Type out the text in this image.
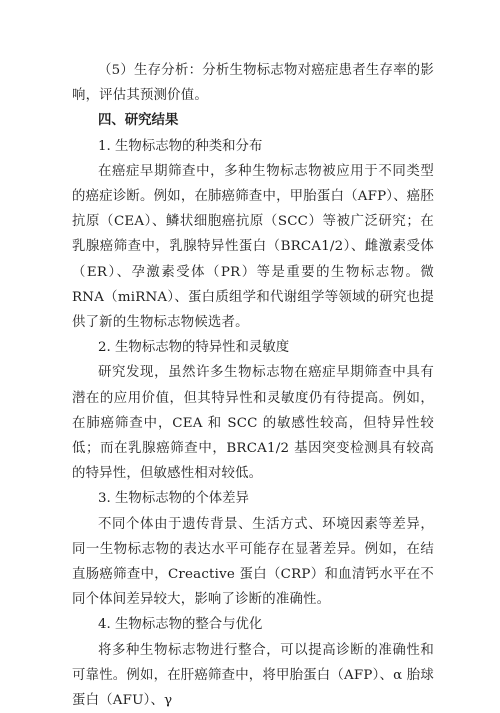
（5）生存分析：分析生物标志物对癌症患者生存率的影响，评估其预测价值。

四、研究结果

1. 生物标志物的种类和分布

在癌症早期筛查中，多种生物标志物被应用于不同类型的癌症诊断。例如，在肺癌筛查中，甲胎蛋白（AFP）、癌胚抗原（CEA）、鳞状细胞癌抗原（SCC）等被广泛研究；在乳腺癌筛查中，乳腺特异性蛋白（BRCA1/2）、雌激素受体（ER）、孕激素受体（PR）等是重要的生物标志物。微 RNA（miRNA）、蛋白质组学和代谢组学等领域的研究也提供了新的生物标志物候选者。

2. 生物标志物的特异性和灵敏度

研究发现，虽然许多生物标志物在癌症早期筛查中具有潜在的应用价值，但其特异性和灵敏度仍有待提高。例如，在肺癌筛查中，CEA 和 SCC 的敏感性较高，但特异性较低；而在乳腺癌筛查中，BRCA1/2 基因突变检测具有较高的特异性，但敏感性相对较低。

3. 生物标志物的个体差异

不同个体由于遗传背景、生活方式、环境因素等差异，同一生物标志物的表达水平可能存在显著差异。例如，在结直肠癌筛查中，Creactive 蛋白（CRP）和血清钙水平在不同个体间差异较大，影响了诊断的准确性。

4. 生物标志物的整合与优化

将多种生物标志物进行整合，可以提高诊断的准确性和可靠性。例如，在肝癌筛查中，将甲胎蛋白（AFP）、α 胎球蛋白（AFU）、γ
